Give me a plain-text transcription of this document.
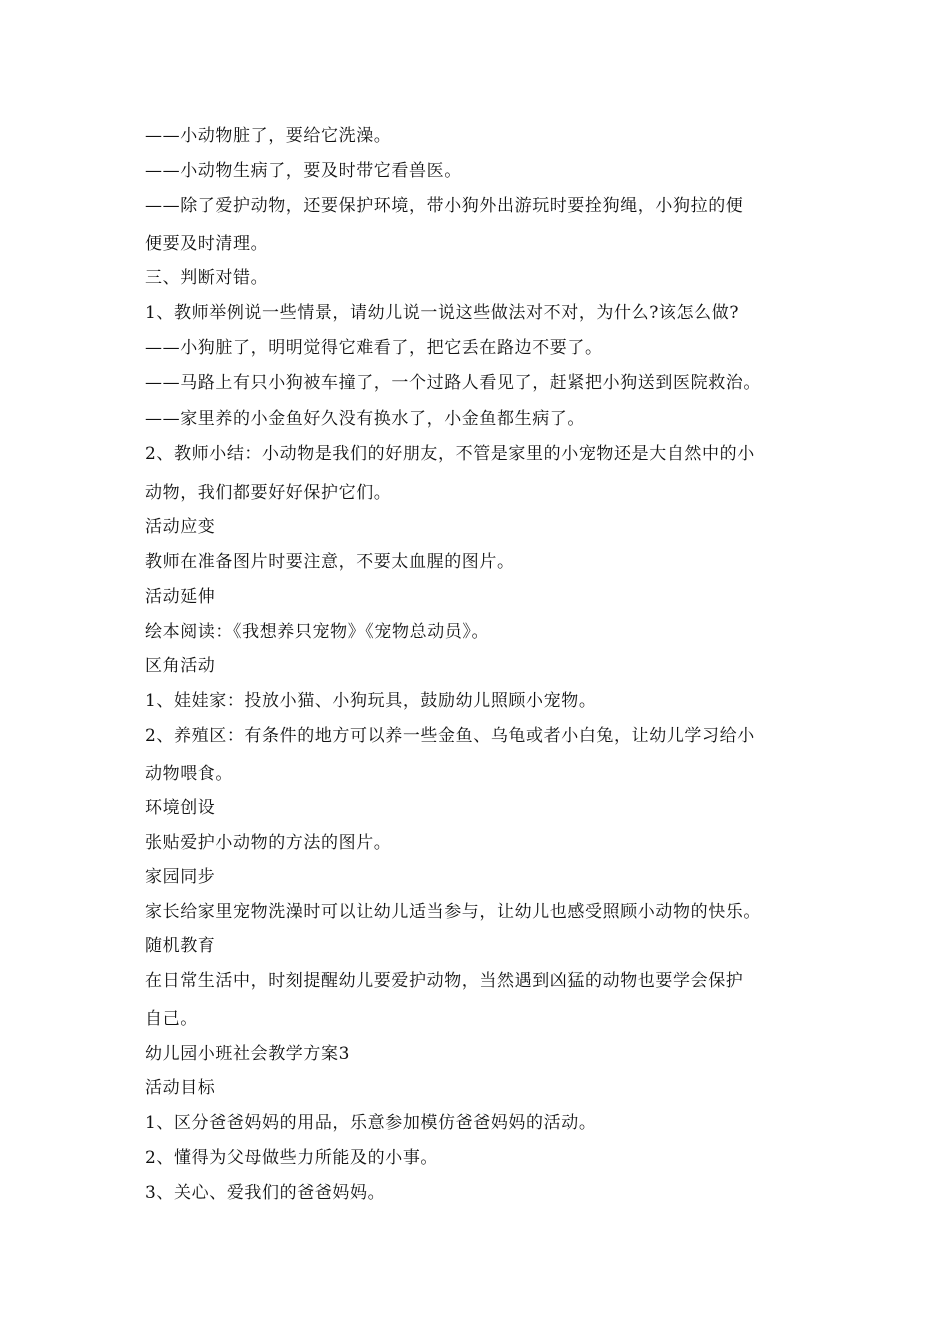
——小动物脏了，要给它洗澡。
——小动物生病了，要及时带它看兽医。
——除了爱护动物，还要保护环境，带小狗外出游玩时要拴狗绳，小狗拉的便
便要及时清理。
三、判断对错。
1、教师举例说一些情景，请幼儿说一说这些做法对不对，为什么?该怎么做?
——小狗脏了，明明觉得它难看了，把它丢在路边不要了。
——马路上有只小狗被车撞了，一个过路人看见了，赶紧把小狗送到医院救治。
——家里养的小金鱼好久没有换水了，小金鱼都生病了。
2、教师小结：小动物是我们的好朋友，不管是家里的小宠物还是大自然中的小
动物，我们都要好好保护它们。
活动应变
教师在准备图片时要注意，不要太血腥的图片。
活动延伸
绘本阅读：《我想养只宠物》《宠物总动员》。
区角活动
1、娃娃家：投放小猫、小狗玩具，鼓励幼儿照顾小宠物。
2、养殖区：有条件的地方可以养一些金鱼、乌龟或者小白兔，让幼儿学习给小
动物喂食。
环境创设
张贴爱护小动物的方法的图片。
家园同步
家长给家里宠物洗澡时可以让幼儿适当参与，让幼儿也感受照顾小动物的快乐。
随机教育
在日常生活中，时刻提醒幼儿要爱护动物，当然遇到凶猛的动物也要学会保护
自己。
幼儿园小班社会教学方案3
活动目标
1、区分爸爸妈妈的用品，乐意参加模仿爸爸妈妈的活动。
2、懂得为父母做些力所能及的小事。
3、关心、爱我们的爸爸妈妈。
